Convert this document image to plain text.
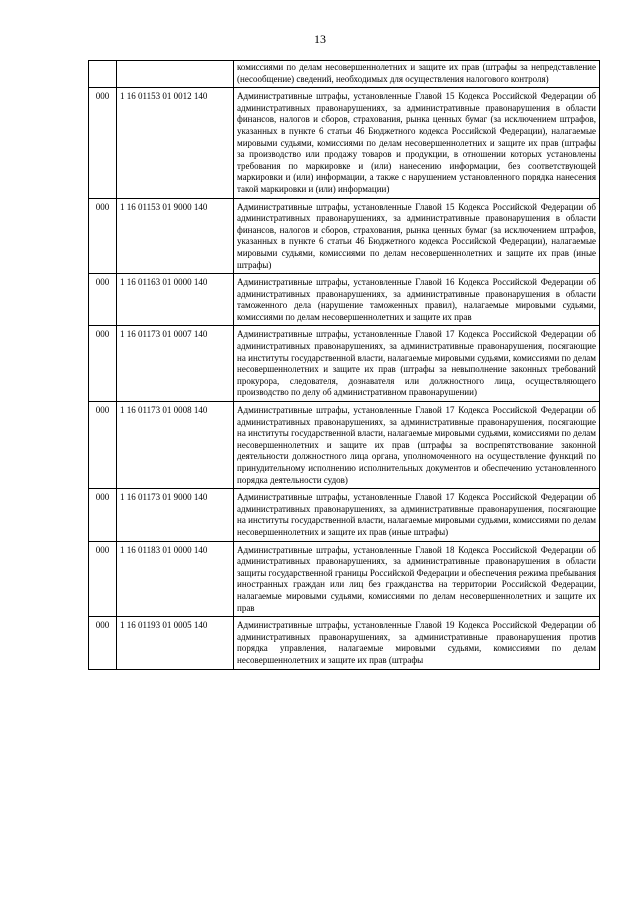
13
		комиссиями по делам несовершеннолетних и защите их прав (штрафы за непредставление (несообщение) сведений, необходимых для осуществления налогового контроля)
000	1 16 01153 01 0012 140	Административные штрафы, установленные Главой 15 Кодекса Российской Федерации об административных правонарушениях, за административные правонарушения в области финансов, налогов и сборов, страхования, рынка ценных бумаг (за исключением штрафов, указанных в пункте 6 статьи 46 Бюджетного кодекса Российской Федерации), налагаемые мировыми судьями, комиссиями по делам несовершеннолетних и защите их прав (штрафы за производство или продажу товаров и продукции, в отношении которых установлены требования по маркировке и (или) нанесению информации, без соответствующей маркировки и (или) информации, а также с нарушением установленного порядка нанесения такой маркировки и (или) информации)
000	1 16 01153 01 9000 140	Административные штрафы, установленные Главой 15 Кодекса Российской Федерации об административных правонарушениях, за административные правонарушения в области финансов, налогов и сборов, страхования, рынка ценных бумаг (за исключением штрафов, указанных в пункте 6 статьи 46 Бюджетного кодекса Российской Федерации), налагаемые мировыми судьями, комиссиями по делам несовершеннолетних и защите их прав (иные штрафы)
000	1 16 01163 01 0000 140	Административные штрафы, установленные Главой 16 Кодекса Российской Федерации об административных правонарушениях, за административные правонарушения в области таможенного дела (нарушение таможенных правил), налагаемые мировыми судьями, комиссиями по делам несовершеннолетних и защите их прав
000	1 16 01173 01 0007 140	Административные штрафы, установленные Главой 17 Кодекса Российской Федерации об административных правонарушениях, за административные правонарушения, посягающие на институты государственной власти, налагаемые мировыми судьями, комиссиями по делам несовершеннолетних и защите их прав (штрафы за невыполнение законных требований прокурора, следователя, дознавателя или должностного лица, осуществляющего производство по делу об административном правонарушении)
000	1 16 01173 01 0008 140	Административные штрафы, установленные Главой 17 Кодекса Российской Федерации об административных правонарушениях, за административные правонарушения, посягающие на институты государственной власти, налагаемые мировыми судьями, комиссиями по делам несовершеннолетних и защите их прав (штрафы за воспрепятствование законной деятельности должностного лица органа, уполномоченного на осуществление функций по принудительному исполнению исполнительных документов и обеспечению установленного порядка деятельности судов)
000	1 16 01173 01 9000 140	Административные штрафы, установленные Главой 17 Кодекса Российской Федерации об административных правонарушениях, за административные правонарушения, посягающие на институты государственной власти, налагаемые мировыми судьями, комиссиями по делам несовершеннолетних и защите их прав (иные штрафы)
000	1 16 01183 01 0000 140	Административные штрафы, установленные Главой 18 Кодекса Российской Федерации об административных правонарушениях, за административные правонарушения в области защиты государственной границы Российской Федерации и обеспечения режима пребывания иностранных граждан или лиц без гражданства на территории Российской Федерации, налагаемые мировыми судьями, комиссиями по делам несовершеннолетних и защите их прав
000	1 16 01193 01 0005 140	Административные штрафы, установленные Главой 19 Кодекса Российской Федерации об административных правонарушениях, за административные правонарушения против порядка управления, налагаемые мировыми судьями, комиссиями по делам несовершеннолетних и защите их прав (штрафы
